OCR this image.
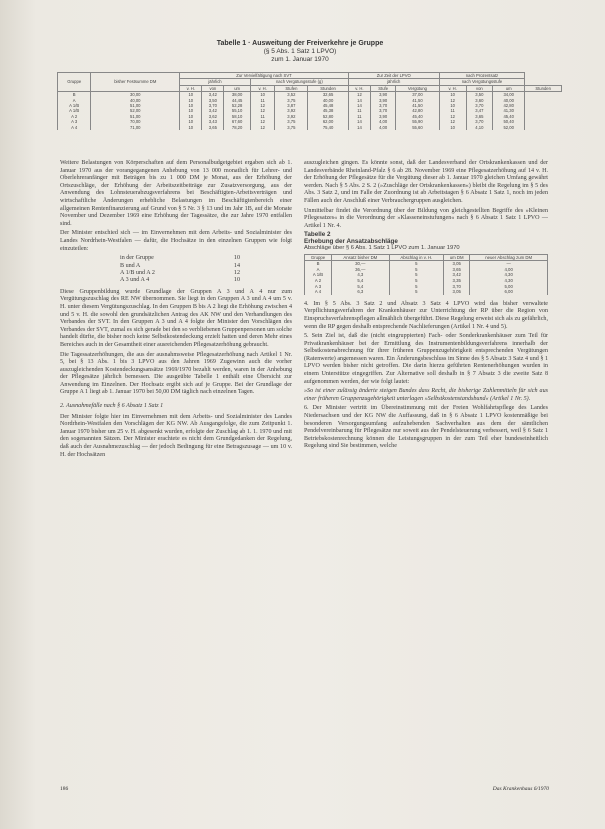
Tabelle 1 · Ausweitung der Freiverkehre je Gruppe
(§ 5 Abs. 1 Satz 1 LPVO)
zum 1. Januar 1970
Gruppe	bisher Festsumme DM	Zur Vervielfältigung nach SVT						Zur Zeit der LPVO			nach Prozentsatz			
		jährlich			nach Vergütungsstufe (g)			jährlich			nach Vergütungsstufe			
		v. H.	von	um	v. H.	Stufen	Stunden	v. H.	Stufe	Vergütung	v. H.	von	um	Stunden
B	30,00	10	3,42	38,00	10	3,52	32,65	12	3,90	37,00	10	3,50	34,00	
A	40,00	10	3,50	44,45	11	3,75	40,00	14	3,90	41,50	12	3,60	40,00	
A 1/B	51,00	10	3,70	52,28	12	3,87	45,48	14	3,70	41,50	10	3,70	42,80	
A 1/B	52,00	10	3,42	55,10	12	3,92	45,38	11	3,70	42,80	11	3,47	41,30	
A 2	51,00	10	3,62	58,10	11	3,92	52,80	11	3,90	45,40	12	3,65	45,40	
A 3	70,00	10	3,43	67,60	12	3,75	62,00	14	4,00	55,90	12	3,70	50,40	
A 4	71,00	10	3,65	78,20	12	3,75	75,40	14	4,00	55,60	10	4,10	52,00	

Weitere Belastungen von Körperschaften auf dem Personalbudgetgebiet ergaben sich ab 1. Januar 1970 aus der vorangegangenen Anhebung von 13 000 monatlich für Lehrer- und Oberlehreranfänger mit Beträgen bis zu 1 000 DM je Monat, aus der Erhöhung der Ortszuschläge, der Erhöhung der Arbeitszeitbeiträge zur Zusatzversorgung, aus der Anwendung des Lohnsteuerabzugsverfahrens bei Beschäftigten-Arbeitsverträgen und wirtschaftliche Änderungen erhebliche Belastungen im Beschäftigtenbereich einer allgemeinen Rentenfinanzierung auf Grund von § 5 Nr. 3 § 13 und im Jahr 1B, auf die Monate November und Dezember 1969 eine Erhöhung der Tagessätze, die zur Jahre 1970 entfallen sind.

Der Minister entschied sich — im Einvernehmen mit dem Arbeits- und Sozialminister des Landes Nordrhein-Westfalen — dafür, die Hochsätze in den einzelnen Gruppen wie folgt einzuteilen:

in der Gruppe	10
B und A	14
A 1/B und A 2	12
A 3 und A 4	10

Diese Gruppenbildung wurde Grundlage der Gruppen A 3 und A 4 nur zum Vergütungszuschlag des RE NW übernommen. Sie liegt in den Gruppen A 3 und A 4 um 5 v. H. unter diesem Vergütungszuschlag. In den Gruppen B bis A 2 liegt die Erhöhung zwischen 4 und 5 v. H. die sowohl den grundsätzlichen Antrag des AK NW und den Verhandlungen des Verbandes der SVT. In den Gruppen A 3 und A 4 folgte der Minister den Vorschlägen des Verbandes der SVT, zumal es sich gerade bei den so verbliebenen Gruppenpersonen um solche handelt dürfte, die bisher noch keine Selbstkostendeckung erzielt hatten und deren Mehr eines Bereiches auch in der Gesamtheit einer ausreichenden Pflegesatzerhöhung gebraucht.

Die Tagessatzerhöhungen, die aus der ausnahmsweise Pflegesatzerhöhung nach Artikel 1 Nr. 5, bei § 13 Abs. 1 bis 3 LPVO aus den Jahren 1969 Zugewinn auch die vorher auszugleichenden Kostendeckungsansätze 1969/1970 bezahlt werden, waren in der Anhebung der Pflegesätze jährlich bemessen. Die ausgeübte Tabelle 1 enthält eine Übersicht zur Anwendung im Einzelnen. Der Hochsatz ergibt sich auf je Gruppe. Bei der Grundlage der Gruppe A 1 liegt ab 1. Januar 1970 bei 50,00 DM täglich nach einzelnen Tagen.

2. Ausnahmefälle nach § 6 Absatz 1 Satz 1

Der Minister folgte hier im Einvernehmen mit dem Arbeits- und Sozialminister des Landes Nordrhein-Westfalen den Vorschlägen der KG NW. Ab Ausgangsfolge, die zum Zeitpunkt 1. Januar 1970 bisher um 25 v. H. abgesenkt wurden, erfolgte der Zuschlag ab 1. 1. 1970 und mit den sogenannten Sätzen. Der Minister erachtete es nicht dem Grundgedanken der Regelung, daß auch der Ausnahmezuschlag — der jedoch Bedingung für eine Betragszusage — um 10 v. H. der Hochsätzen

auszugleichen gingen. Es könnte sonst, daß der Landesverband der Ortskrankenkassen und der Landesverbände Rheinland-Pfalz § 6 ab 28. November 1969 eine Pflegesatzerhöhung auf 14 v. H. der Erhöhung der Pflegesätze für die Vergütung dieser ab 1. Januar 1970 gleichen Umfang gewährt werden. Nach § 5 Abs. 2 S. 2 (»Zuschläge der Ortskrankenkassen«) bleibt die Regelung im § 5 des Abs. 3 Satz 2, und im Falle der Zuordnung ist ab Arbeitstagen § 6 Absatz 1 Satz 1, noch im jeden Fällen auch der Anschluß einer Verbrauchergruppen ausgleichen.

Unmittelbar findet die Verordnung über der Bildung von gleichgestellten Begriffe des »Kleinen Pflegesatzes« in die Verordnung der »Klasseneinstufungen« nach § 6 Absatz 1 Satz 1 LPVO — Artikel 1 Nr. 4.

Tabelle 2
Erhebung der Ansatzabschläge
Abschläge über § 6 Abs. 1 Satz 1 LPVO zum 1. Januar 1970
Gruppe	Ansatz bisher DM	Abschlag in v. H.	um DM	neuer Abschlag zum DM
B	30,—	5	3,05	—
A	36,—	5	3,65	4,00
A 1/B	4,3	5	3,42	4,30
A 2	5,4	5	3,35	4,30
A 3	5,4	5	3,70	5,00
A 4	6,3	5	3,05	6,00

4. Im § 5 Abs. 3 Satz 2 und Absatz 3 Satz 4 LPVO wird das bisher verwaltete Verpflichtungsverfahren der Krankenhäuser zur Unterrichtung der RP über die Region von Einspruchsverfahrenspflegen allmählich übergeführt. Diese Regelung erweist sich als zu gefährlich, wenn die RP gegen deshalb entsprechende Nachlieferungen (Artikel 1 Nr. 4 und 5).

5. Sein Ziel ist, daß die (nicht eingruppierten) Fach- oder Sonderkrankenhäuser zum Teil für Privatkrankenhäuser bei der Ermittlung des Instrumentenbildungsverfahrens innerhalb der Selbstkostenabrechnung für ihrer früheren Gruppenzugehörigkeit entsprechenden Vergütungen (Ratenwerte) angemessen waren. Ein Änderungsbeschluss im Sinne des § 5 Absatz 3 Satz 4 und § 1 LPVO werden bisher nicht getroffen. Die darin hierzu geführten Rentenerhöhungen wurden in einem Unterstütze eingegriffen. Zur Alternative soll deshalb in § 7 Absatz 3 die zweite Satz 8 aufgenommen werden, der wie folgt lautet:

»So ist einer zulässig änderte steigen Bundes dass Recht, die bisherige Zahlenmitteln für sich aus einer früheren Gruppenzugehörigkeit unterlagen »Selbstkostenstandsbund« (Artikel 1 Nr. 5).

6. Der Minister vertritt im Übereinstimmung mit der Freien Wohlfahrtspflege des Landes Niedersachsen und der KG NW die Auffassung, daß in § 6 Absatz 1 LPVO kostenmäßige bei besonderen Versorgungsumfang aufzuhebenden Sachverhalten aus dem der sämtlichen Pendelvereinbarung für Pflegesätze nur soweit aus der Pendelsteuerung verbessert, weil § 6 Satz 1 Betriebskostenrechnung können die Leistungsgruppen in der zum Teil eher bundeseinheitlich Regelung sind Sie bestimmen, welche

186	Das Krankenhaus 6/1970
